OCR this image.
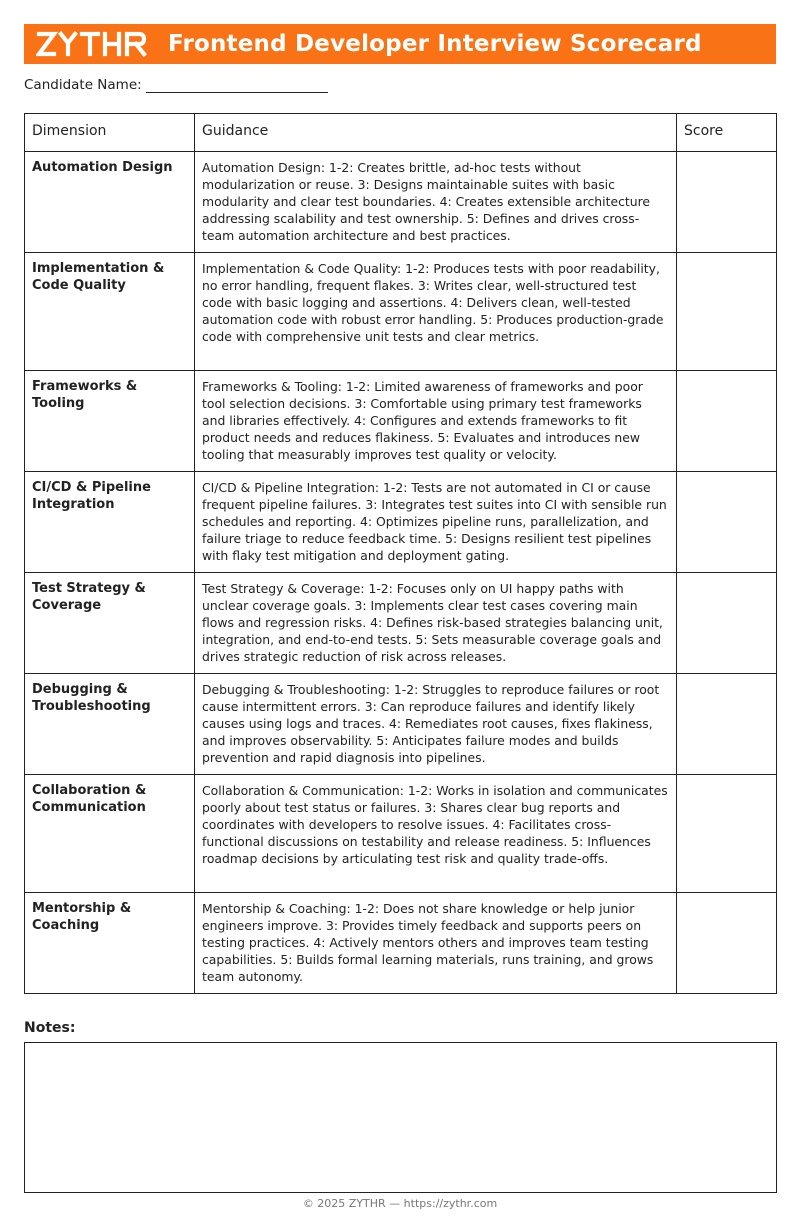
Frontend Developer Interview Scorecard
Candidate Name:
Dimension	Guidance	Score
Automation Design	Automation Design: 1-2: Creates brittle, ad-hoc tests without modularization or reuse. 3: Designs maintainable suites with basic modularity and clear test boundaries. 4: Creates extensible architecture addressing scalability and test ownership. 5: Defines and drives cross-team automation architecture and best practices.	
Implementation & Code Quality	Implementation & Code Quality: 1-2: Produces tests with poor readability, no error handling, frequent flakes. 3: Writes clear, well-structured test code with basic logging and assertions. 4: Delivers clean, well-tested automation code with robust error handling. 5: Produces production-grade code with comprehensive unit tests and clear metrics.	
Frameworks & Tooling	Frameworks & Tooling: 1-2: Limited awareness of frameworks and poor tool selection decisions. 3: Comfortable using primary test frameworks and libraries effectively. 4: Configures and extends frameworks to fit product needs and reduces flakiness. 5: Evaluates and introduces new tooling that measurably improves test quality or velocity.	
CI/CD & Pipeline Integration	CI/CD & Pipeline Integration: 1-2: Tests are not automated in CI or cause frequent pipeline failures. 3: Integrates test suites into CI with sensible run schedules and reporting. 4: Optimizes pipeline runs, parallelization, and failure triage to reduce feedback time. 5: Designs resilient test pipelines with flaky test mitigation and deployment gating.	
Test Strategy & Coverage	Test Strategy & Coverage: 1-2: Focuses only on UI happy paths with unclear coverage goals. 3: Implements clear test cases covering main flows and regression risks. 4: Defines risk-based strategies balancing unit, integration, and end-to-end tests. 5: Sets measurable coverage goals and drives strategic reduction of risk across releases.	
Debugging & Troubleshooting	Debugging & Troubleshooting: 1-2: Struggles to reproduce failures or root cause intermittent errors. 3: Can reproduce failures and identify likely causes using logs and traces. 4: Remediates root causes, fixes flakiness, and improves observability. 5: Anticipates failure modes and builds prevention and rapid diagnosis into pipelines.	
Collaboration & Communication	Collaboration & Communication: 1-2: Works in isolation and communicates poorly about test status or failures. 3: Shares clear bug reports and coordinates with developers to resolve issues. 4: Facilitates cross-functional discussions on testability and release readiness. 5: Influences roadmap decisions by articulating test risk and quality trade-offs.	
Mentorship & Coaching	Mentorship & Coaching: 1-2: Does not share knowledge or help junior engineers improve. 3: Provides timely feedback and supports peers on testing practices. 4: Actively mentors others and improves team testing capabilities. 5: Builds formal learning materials, runs training, and grows team autonomy.	
Notes:
© 2025 ZYTHR — https://zythr.com
